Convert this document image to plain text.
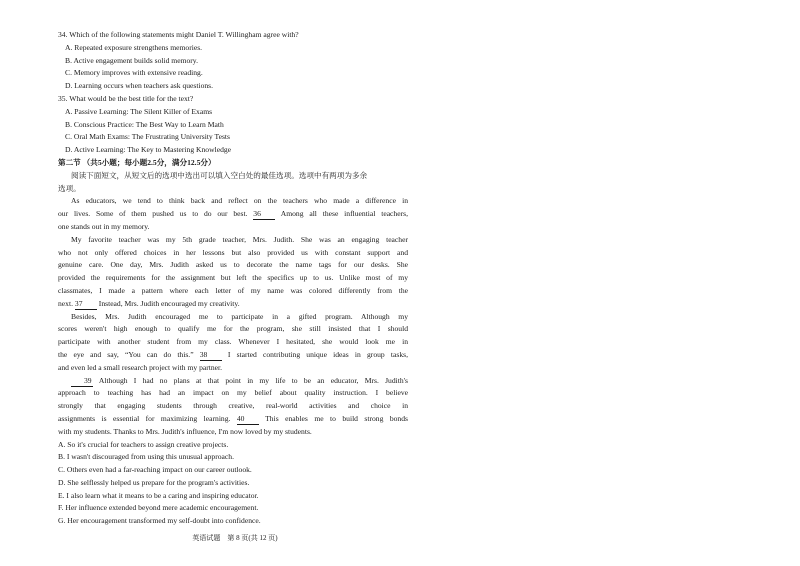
34. Which of the following statements might Daniel T. Willingham agree with?
A. Repeated exposure strengthens memories.
B. Active engagement builds solid memory.
C. Memory improves with extensive reading.
D. Learning occurs when teachers ask questions.
35. What would be the best title for the text?
A. Passive Learning: The Silent Killer of Exams
B. Conscious Practice: The Best Way to Learn Math
C. Oral Math Exams: The Frustrating University Tests
D. Active Learning: The Key to Mastering Knowledge
第二节 （共5小题；每小题2.5分，满分12.5分）
阅读下面短文，从短文后的选项中选出可以填入空白处的最佳选项。选项中有两项为多余
选项。
As educators, we tend to think back and reflect on the teachers who made a difference in
our lives. Some of them pushed us to do our best. 36	Among all these influential teachers,
one stands out in my memory.
My favorite teacher was my 5th grade teacher, Mrs. Judith. She was an engaging teacher
who not only offered choices in her lessons but also provided us with constant support and
genuine care. One day, Mrs. Judith asked us to decorate the name tags for our desks. She
provided the requirements for the assignment but left the specifics up to us. Unlike most of my
classmates, I made a pattern where each letter of my name was colored differently from the
next. 37 Instead, Mrs. Judith encouraged my creativity.
Besides, Mrs. Judith encouraged me to participate in a gifted program. Although my
scores weren't high enough to qualify me for the program, she still insisted that I should
participate with another student from my class. Whenever I hesitated, she would look me in
the eye and say, “You can do this.” 38	I started contributing unique ideas in group tasks,
and even led a small research project with my partner.
39 Although I had no plans at that point in my life to be an educator, Mrs. Judith's
approach to teaching has had an impact on my belief about quality instruction. I believe
strongly that engaging students through creative, real-world activities and choice in
assignments is essential for maximizing learning. 40	This enables me to build strong bonds
with my students. Thanks to Mrs. Judith's influence, I'm now loved by my students.
A. So it's crucial for teachers to assign creative projects.
B. I wasn't discouraged from using this unusual approach.
C. Others even had a far-reaching impact on our career outlook.
D. She selflessly helped us prepare for the program's activities.
E. I also learn what it means to be a caring and inspiring educator.
F. Her influence extended beyond mere academic encouragement.
G. Her encouragement transformed my self-doubt into confidence.
英语试题　第 8 页(共 12 页)
